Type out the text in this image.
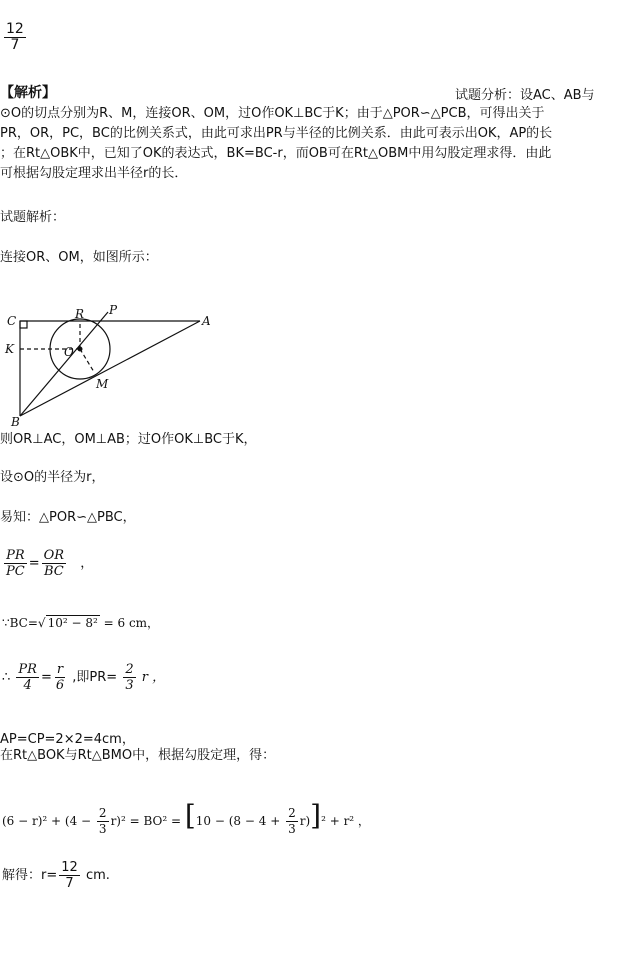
$\frac{12}{7}$
【解析】	试题分析：设AC、AB与
⊙O的切点分别为R、M，连接OR、OM，过O作OK⊥BC于K；由于△POR∽△PCB，可得出关于
PR，OR，PC，BC的比例关系式，由此可求出PR与半径的比例关系．由此可表示出OK，AP的长
；在Rt△OBK中，已知了OK的表达式，BK=BC-r，而OB可在Rt△OBM中用勾股定理求得．由此
可根据勾股定理求出半径r的长．
试题解析：
连接OR、OM，如图所示：
C	R P
A
K	O
M
B
则OR⊥AC，OM⊥AB；过O作OK⊥BC于K，
设⊙O的半径为r，
易知：△POR∽△PBC，
$\frac{PR}{PC} = \frac{OR}{BC}$ ，
∵BC=√ 10² − 8² = 6 cm，
∴ $\frac{PR}{4} = \frac{r}{6}$ ,即$PR= \frac{2}{3}$ r ，
AP=CP=2×2=4cm，
在Rt△BOK与Rt△BMO中，根据勾股定理，得：
$(6 - r)^2 + (4 - \frac{2}{3} r)^2 = BO^2 = [10 - (8 - 4 + \frac{2}{3} r)]^2 + r^2$ ，
解得：$r= \frac{12}{7}$ cm.
